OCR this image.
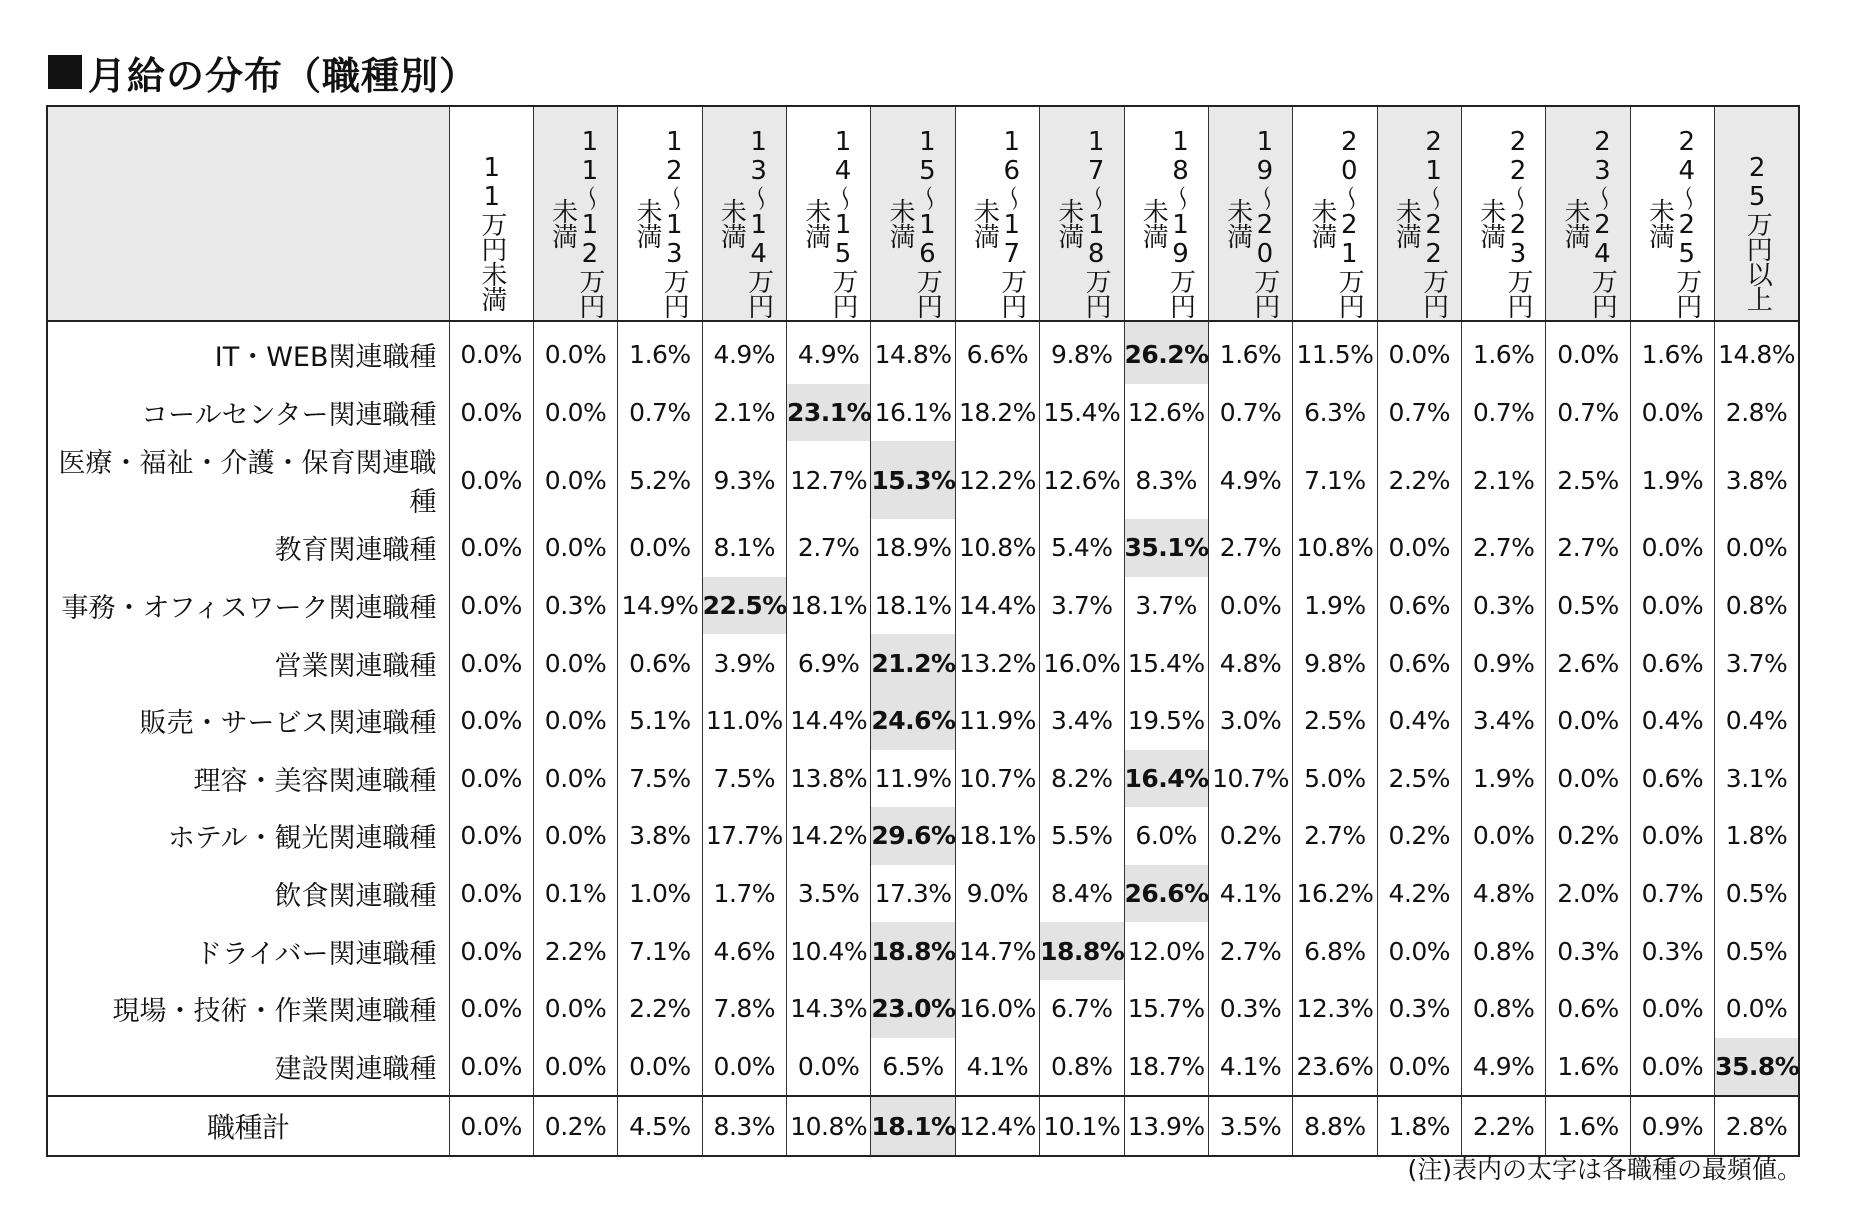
月給の分布（職種別）

	11万円未満	11〜12万円未満	12〜13万円未満	13〜14万円未満	14〜15万円未満	15〜16万円未満	16〜17万円未満	17〜18万円未満	18〜19万円未満	19〜20万円未満	20〜21万円未満	21〜22万円未満	22〜23万円未満	23〜24万円未満	24〜25万円未満	25万円以上

IT・WEB関連職種	0.0%	0.0%	1.6%	4.9%	4.9%	14.8%	6.6%	9.8%	26.2%	1.6%	11.5%	0.0%	1.6%	0.0%	1.6%	14.8%
コールセンター関連職種	0.0%	0.0%	0.7%	2.1%	23.1%	16.1%	18.2%	15.4%	12.6%	0.7%	6.3%	0.7%	0.7%	0.7%	0.0%	2.8%
医療・福祉・介護・保育関連職種	0.0%	0.0%	5.2%	9.3%	12.7%	15.3%	12.2%	12.6%	8.3%	4.9%	7.1%	2.2%	2.1%	2.5%	1.9%	3.8%
教育関連職種	0.0%	0.0%	0.0%	8.1%	2.7%	18.9%	10.8%	5.4%	35.1%	2.7%	10.8%	0.0%	2.7%	2.7%	0.0%	0.0%
事務・オフィスワーク関連職種	0.0%	0.3%	14.9%	22.5%	18.1%	18.1%	14.4%	3.7%	3.7%	0.0%	1.9%	0.6%	0.3%	0.5%	0.0%	0.8%
営業関連職種	0.0%	0.0%	0.6%	3.9%	6.9%	21.2%	13.2%	16.0%	15.4%	4.8%	9.8%	0.6%	0.9%	2.6%	0.6%	3.7%
販売・サービス関連職種	0.0%	0.0%	5.1%	11.0%	14.4%	24.6%	11.9%	3.4%	19.5%	3.0%	2.5%	0.4%	3.4%	0.0%	0.4%	0.4%
理容・美容関連職種	0.0%	0.0%	7.5%	7.5%	13.8%	11.9%	10.7%	8.2%	16.4%	10.7%	5.0%	2.5%	1.9%	0.0%	0.6%	3.1%
ホテル・観光関連職種	0.0%	0.0%	3.8%	17.7%	14.2%	29.6%	18.1%	5.5%	6.0%	0.2%	2.7%	0.2%	0.0%	0.2%	0.0%	1.8%
飲食関連職種	0.0%	0.1%	1.0%	1.7%	3.5%	17.3%	9.0%	8.4%	26.6%	4.1%	16.2%	4.2%	4.8%	2.0%	0.7%	0.5%
ドライバー関連職種	0.0%	2.2%	7.1%	4.6%	10.4%	18.8%	14.7%	18.8%	12.0%	2.7%	6.8%	0.0%	0.8%	0.3%	0.3%	0.5%
現場・技術・作業関連職種	0.0%	0.0%	2.2%	7.8%	14.3%	23.0%	16.0%	6.7%	15.7%	0.3%	12.3%	0.3%	0.8%	0.6%	0.0%	0.0%
建設関連職種	0.0%	0.0%	0.0%	0.0%	0.0%	6.5%	4.1%	0.8%	18.7%	4.1%	23.6%	0.0%	4.9%	1.6%	0.0%	35.8%
職種計	0.0%	0.2%	4.5%	8.3%	10.8%	18.1%	12.4%	10.1%	13.9%	3.5%	8.8%	1.8%	2.2%	1.6%	0.9%	2.8%
(注)表内の太字は各職種の最頻値。
